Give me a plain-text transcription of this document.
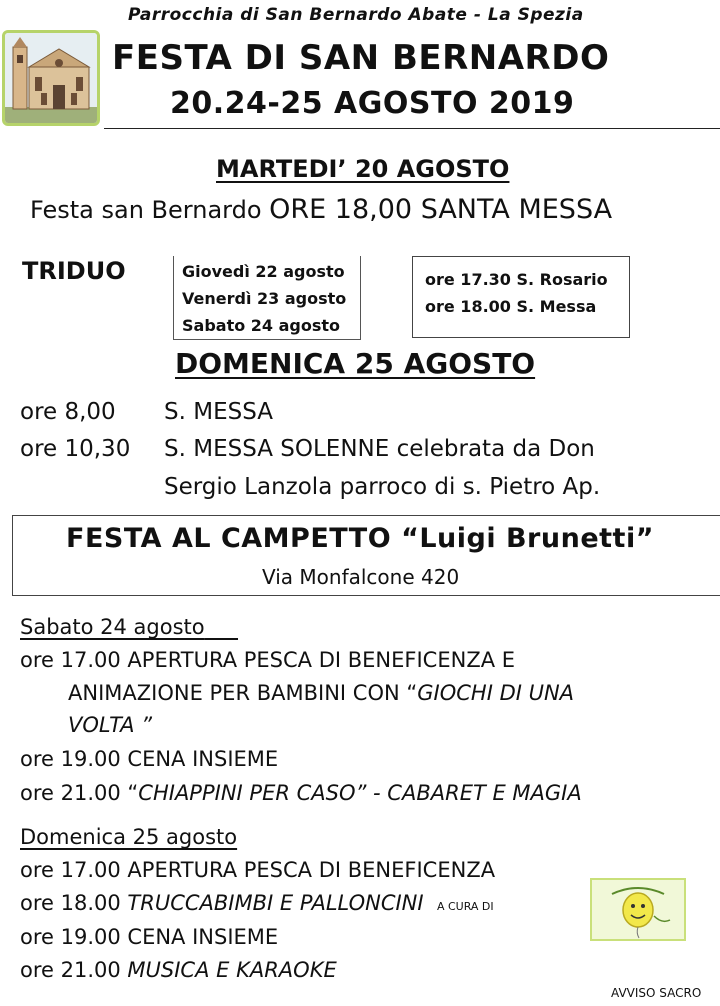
Parrocchia di San Bernardo Abate - La Spezia
FESTA DI SAN BERNARDO
20.24-25 AGOSTO 2019
MARTEDI’ 20 AGOSTO
Festa san Bernardo ORE 18,00 SANTA MESSA
TRIDUO	Giovedì 22 agosto
Venerdì 23 agosto
Sabato 24 agosto
ore 17.30 S. Rosario
ore 18.00 S. Messa
DOMENICA 25 AGOSTO
ore 8,00 S. MESSA
ore 10,30 S. MESSA SOLENNE celebrata da Don
Sergio Lanzola parroco di s. Pietro Ap.
FESTA AL CAMPETTO “Luigi Brunetti”
Via Monfalcone 420
Sabato 24 agosto
ore 17.00 APERTURA PESCA DI BENEFICENZA E
ANIMAZIONE PER BAMBINI CON “GIOCHI DI UNA
VOLTA ”
ore 19.00 CENA INSIEME
ore 21.00 “CHIAPPINI PER CASO” - CABARET E MAGIA
Domenica 25 agosto
ore 17.00 APERTURA PESCA DI BENEFICENZA
ore 18.00 TRUCCABIMBI E PALLONCINI A CURA DI
ore 19.00 CENA INSIEME
ore 21.00 MUSICA E KARAOKE
AVVISO SACRO
